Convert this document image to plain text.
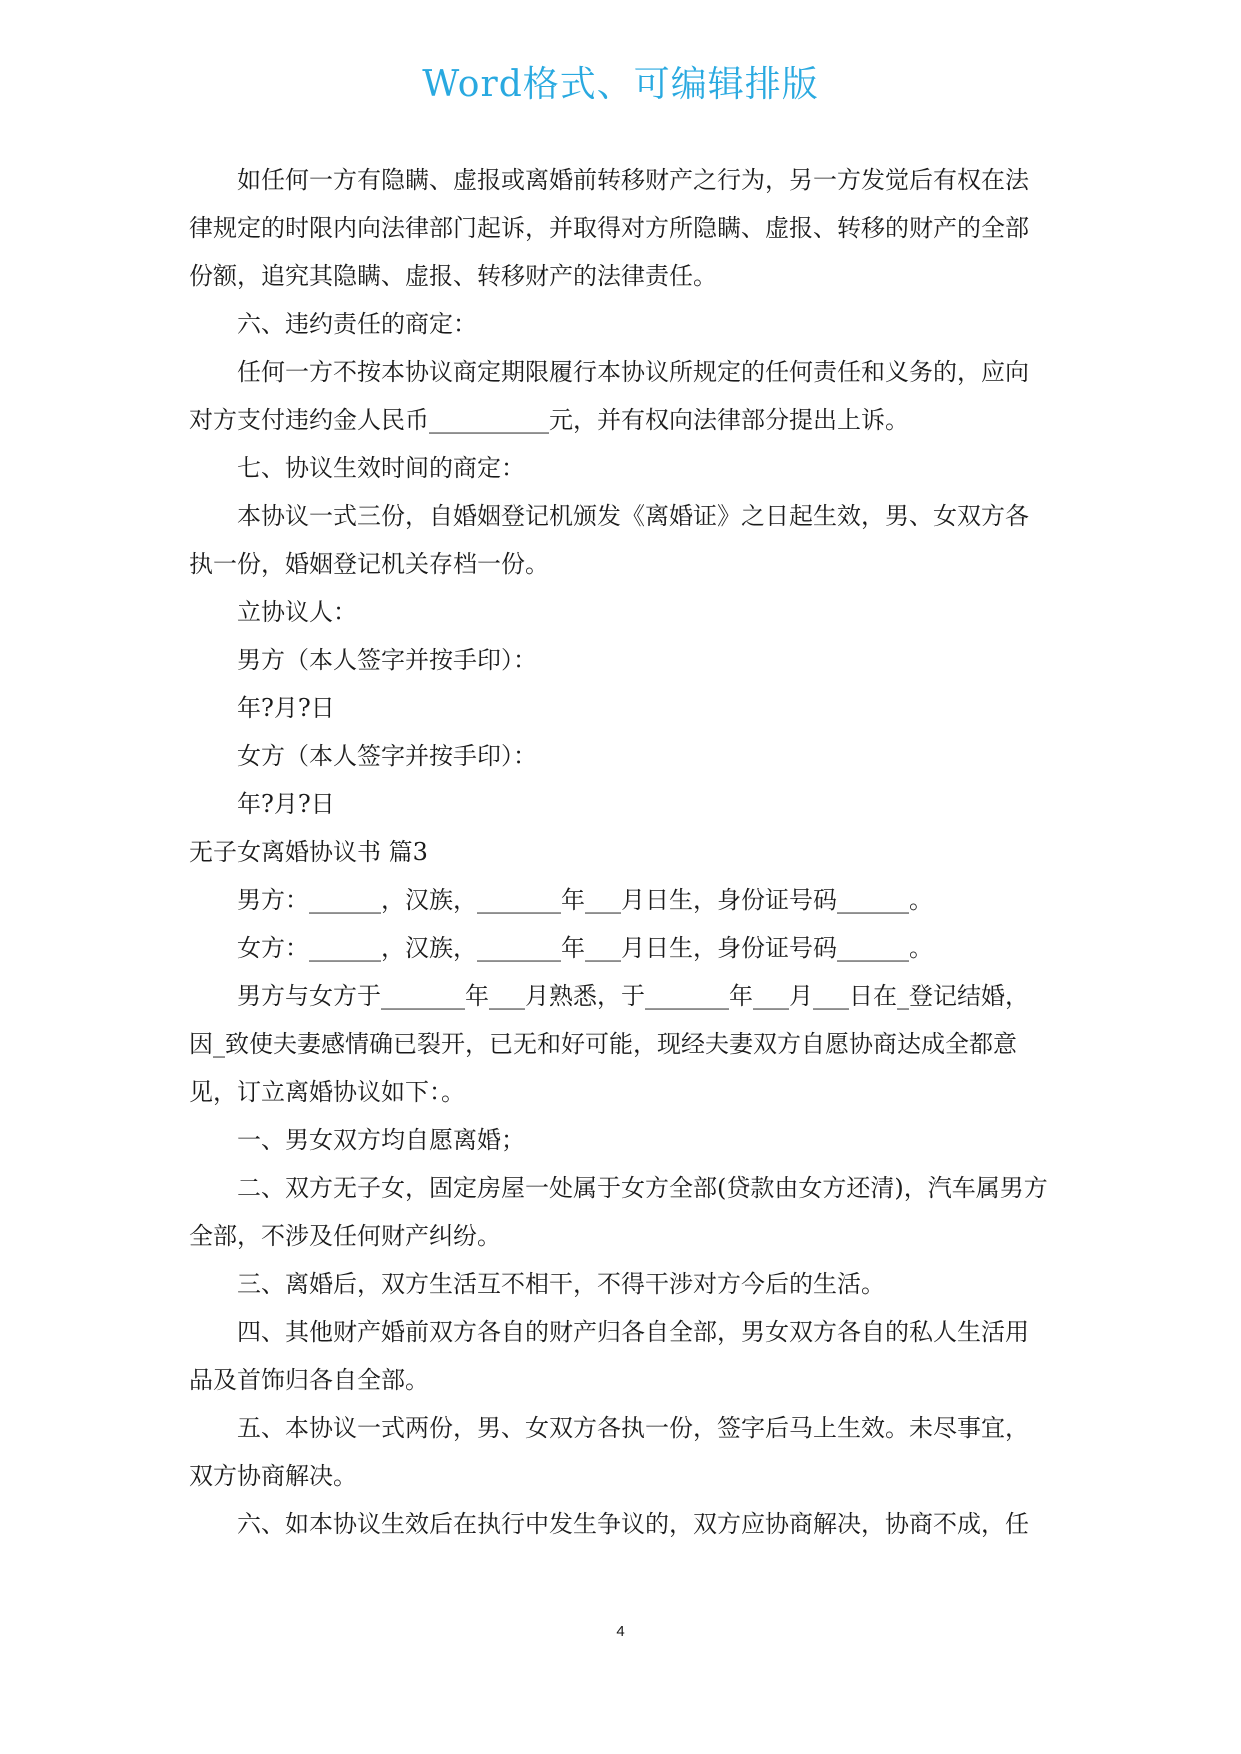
Word格式、可编辑排版

如任何一方有隐瞒、虚报或离婚前转移财产之行为，另一方发觉后有权在法律规定的时限内向法律部门起诉，并取得对方所隐瞒、虚报、转移的财产的全部份额，追究其隐瞒、虚报、转移财产的法律责任。

六、违约责任的商定：

任何一方不按本协议商定期限履行本协议所规定的任何责任和义务的，应向对方支付违约金人民币__________元，并有权向法律部分提出上诉。

七、协议生效时间的商定：

本协议一式三份，自婚姻登记机颁发《离婚证》之日起生效，男、女双方各执一份，婚姻登记机关存档一份。

立协议人：

男方（本人签字并按手印）：

年?月?日

女方（本人签字并按手印）：

年?月?日

无子女离婚协议书 篇3

男方：______，汉族，_______年___月日生，身份证号码______。

女方：______，汉族，_______年___月日生，身份证号码______。

男方与女方于_______年___月熟悉，于_______年___月___日在_登记结婚，因_致使夫妻感情确已裂开，已无和好可能，现经夫妻双方自愿协商达成全都意见，订立离婚协议如下：。

一、男女双方均自愿离婚；

二、双方无子女，固定房屋一处属于女方全部(贷款由女方还清)，汽车属男方全部，不涉及任何财产纠纷。

三、离婚后，双方生活互不相干，不得干涉对方今后的生活。

四、其他财产婚前双方各自的财产归各自全部，男女双方各自的私人生活用品及首饰归各自全部。

五、本协议一式两份，男、女双方各执一份，签字后马上生效。未尽事宜，双方协商解决。

六、如本协议生效后在执行中发生争议的，双方应协商解决，协商不成，任

4
